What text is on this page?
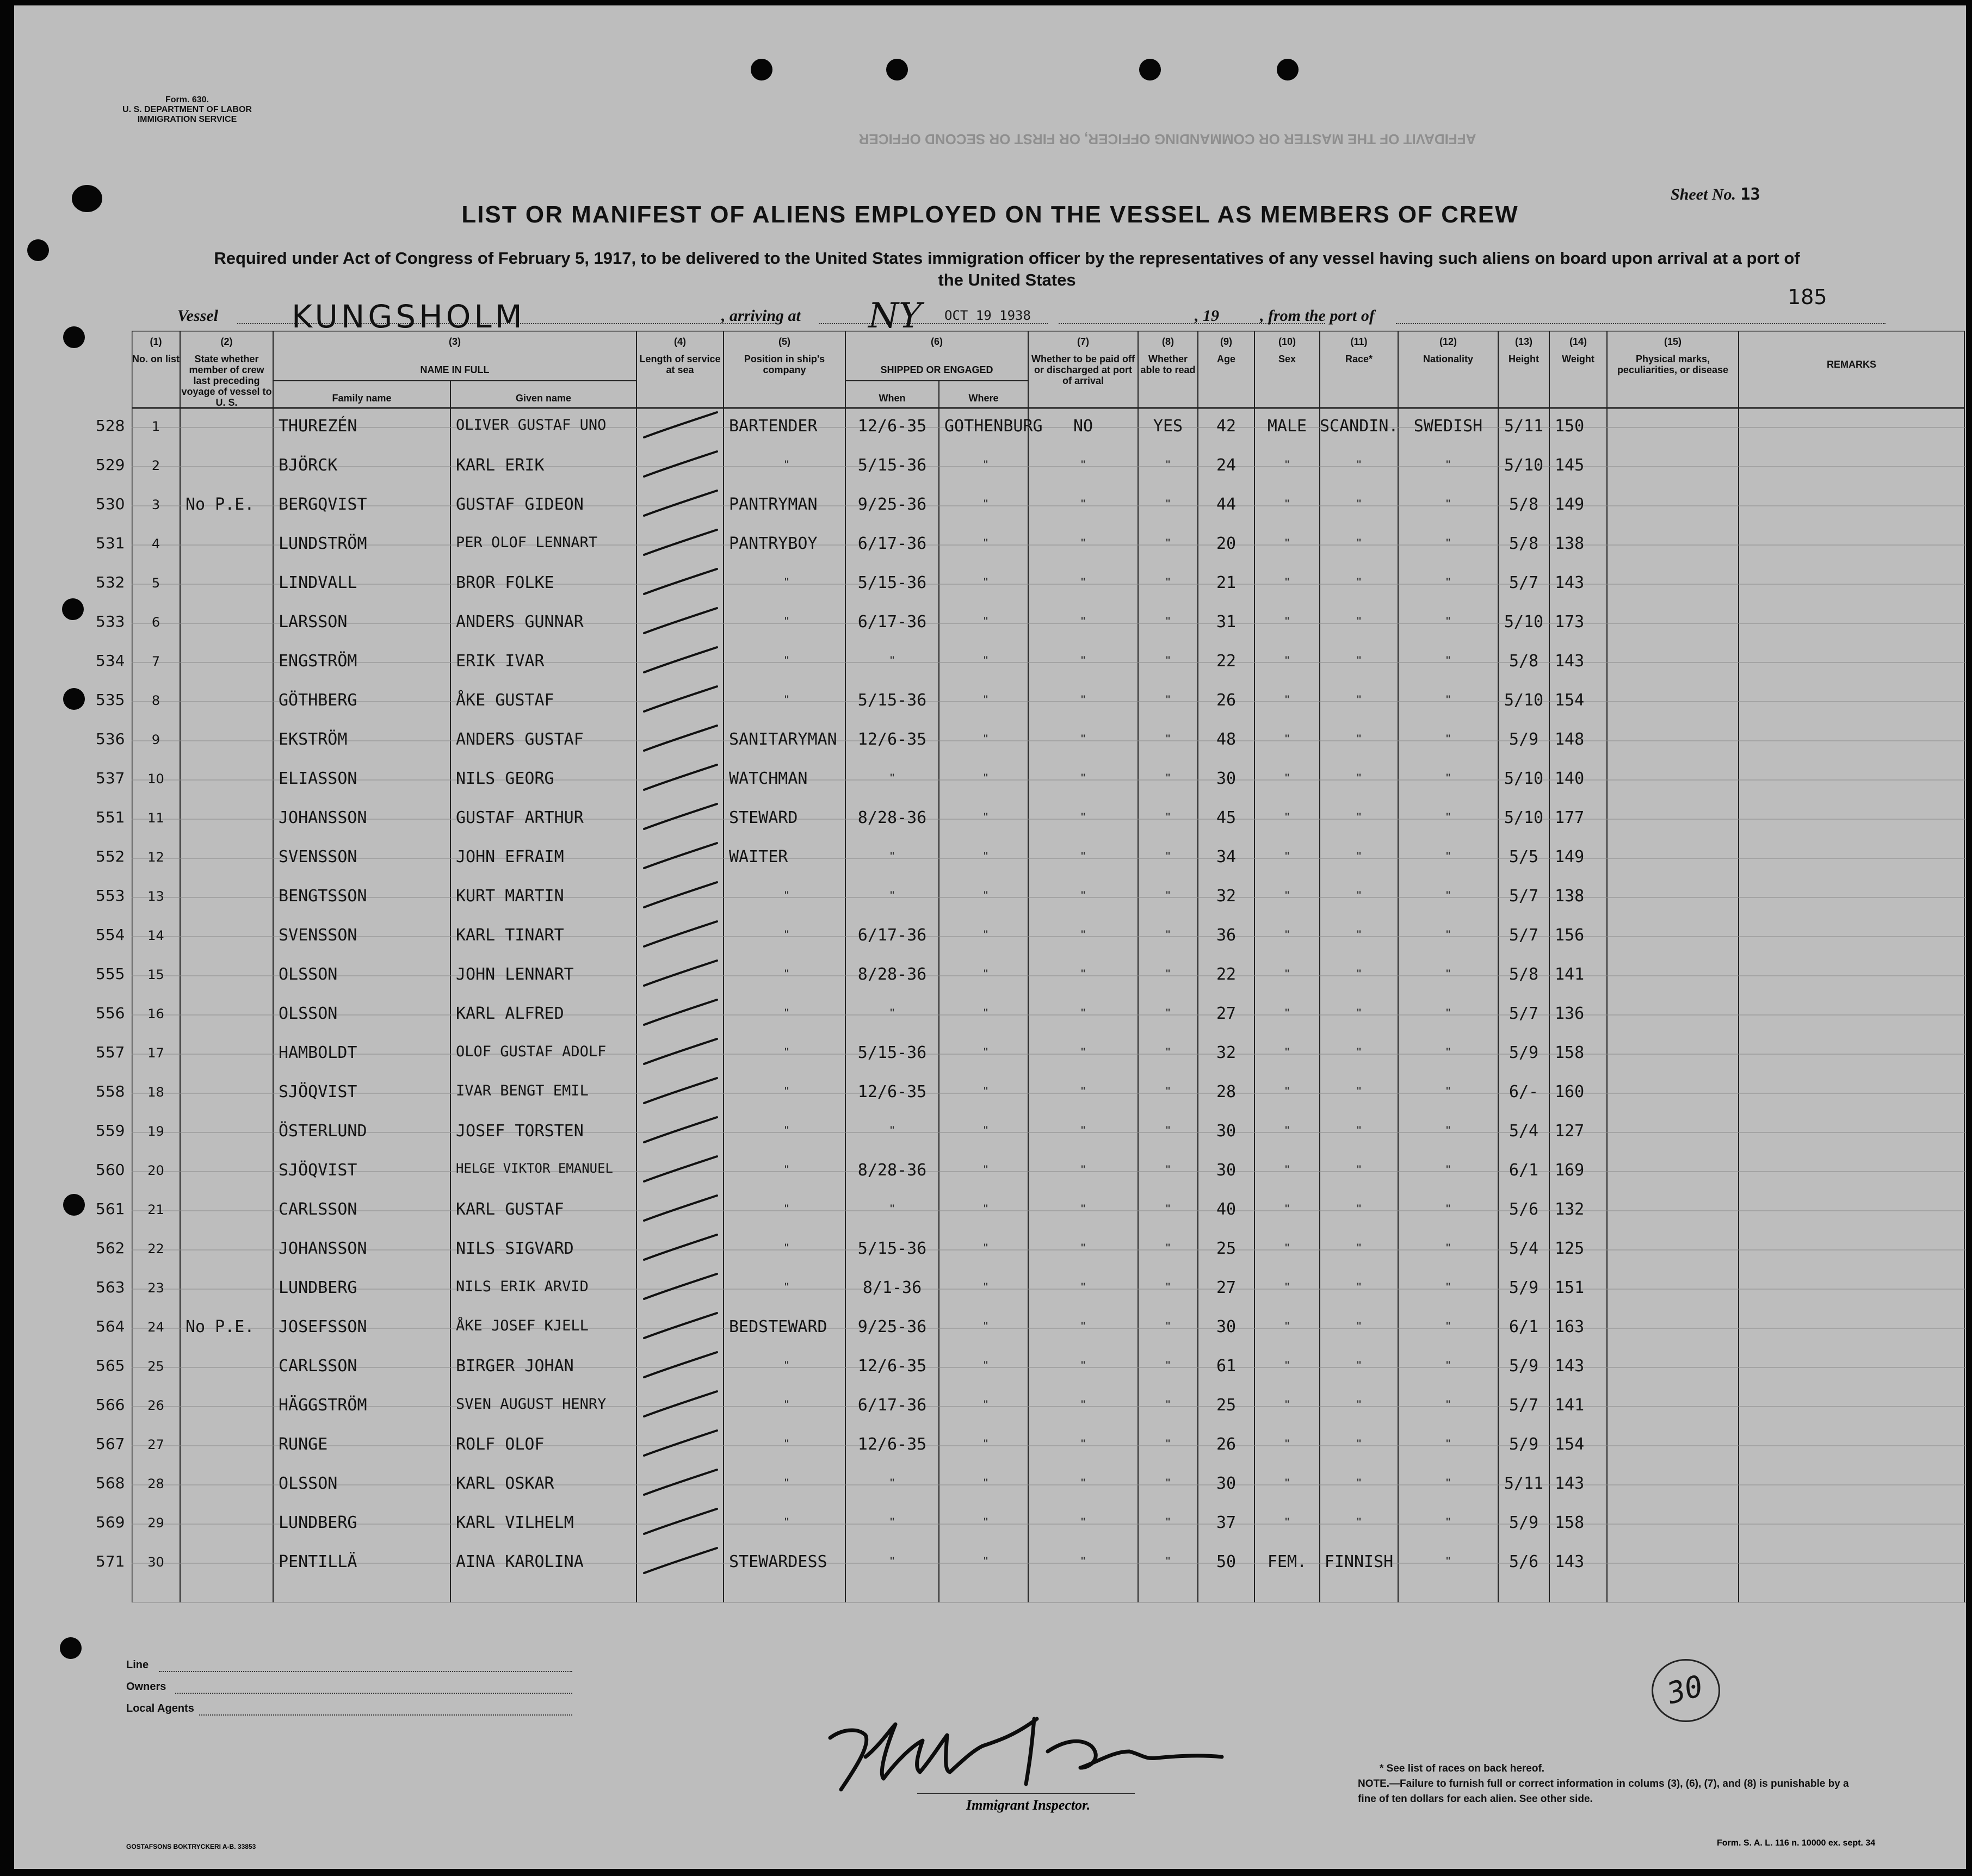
Form. 630.
U. S. DEPARTMENT OF LABOR
IMMIGRATION SERVICE
AFFIDAVIT OF THE MASTER OR COMMANDING OFFICER, OR FIRST OR SECOND OFFICER
Sheet No. 13
LIST OR MANIFEST OF ALIENS EMPLOYED ON THE VESSEL AS MEMBERS OF CREW
Required under Act of Congress of February 5, 1917, to be delivered to the United States immigration officer by the representatives of any vessel having such aliens on board upon arrival at a port of the United States
Vessel KUNGSHOLM	, arriving at NY OCT 19 1938	, 19	, from the port of
185
(1)
No. on list
(2)
State whether member of crew last preceding voyage of vessel to U. S.
(3)
NAME IN FULL
(4)
Length of service at sea
(5)
Position in ship's company
(6)
SHIPPED OR ENGAGED
(7)
Whether to be paid off or discharged at port of arrival
(8)
Whether able to read
(9)
Age
(10)
Sex
(11)
Race*
(12)
Nationality
(13)
Height
(14)
Weight
(15)
Physical marks, peculiarities, or disease	REMARKS
Family name	Given name	When	Where
528	1	THUREZÉN	OLIVER GUSTAF UNO	BARTENDER	12/6-35	GOTHENBURG	NO	YES	42	MALE SCANDIN. SWEDISH	5/11 150
529	2	BJÖRCK	KARL ERIK	"	5/15-36	"	"	"	24	"	"	"	5/10 145
530	3	No P.E.	BERGQVIST	GUSTAF GIDEON	PANTRYMAN	9/25-36	"	"	"	44	"	"	"	5/8 149
531	4	LUNDSTRÖM	PER OLOF LENNART	PANTRYBOY	6/17-36	"	"	"	20	"	"	"	5/8 138
532	5	LINDVALL	BROR FOLKE	"	5/15-36	"	"	"	21	"	"	"	5/7 143
533	6	LARSSON	ANDERS GUNNAR	"	6/17-36	"	"	"	31	"	"	"	5/10 173
534	7	ENGSTRÖM	ERIK IVAR	"	"	"	"	"	22	"	"	"	5/8 143
535	8	GÖTHBERG	ÅKE GUSTAF	"	5/15-36	"	"	"	26	"	"	"	5/10 154
536	9	EKSTRÖM	ANDERS GUSTAF	SANITARYMAN	12/6-35	"	"	"	48	"	"	"	5/9 148
537	10	ELIASSON	NILS GEORG	WATCHMAN	"	"	"	"	30	"	"	"	5/10 140
551	11	JOHANSSON	GUSTAF ARTHUR	STEWARD	8/28-36	"	"	"	45	"	"	"	5/10 177
552	12	SVENSSON	JOHN EFRAIM	WAITER	"	"	"	"	34	"	"	"	5/5 149
553	13	BENGTSSON	KURT MARTIN	"	"	"	"	"	32	"	"	"	5/7 138
554	14	SVENSSON	KARL TINART	"	6/17-36	"	"	"	36	"	"	"	5/7 156
555	15	OLSSON	JOHN LENNART	"	8/28-36	"	"	"	22	"	"	"	5/8 141
556	16	OLSSON	KARL ALFRED	"	"	"	"	"	27	"	"	"	5/7 136
557	17	HAMBOLDT	OLOF GUSTAF ADOLF	"	5/15-36	"	"	"	32	"	"	"	5/9 158
558	18	SJÖQVIST	IVAR BENGT EMIL	"	12/6-35	"	"	"	28	"	"	"	6/- 160
559	19	ÖSTERLUND	JOSEF TORSTEN	"	"	"	"	"	30	"	"	"	5/4 127
560	20	SJÖQVIST	HELGE VIKTOR EMANUEL	"	8/28-36	"	"	"	30	"	"	"	6/1 169
561	21	CARLSSON	KARL GUSTAF	"	"	"	"	"	40	"	"	"	5/6 132
562	22	JOHANSSON	NILS SIGVARD	"	5/15-36	"	"	"	25	"	"	"	5/4 125
563	23	LUNDBERG	NILS ERIK ARVID	"	8/1-36	"	"	"	27	"	"	"	5/9 151
564	24	No P.E.	JOSEFSSON	ÅKE JOSEF KJELL	BEDSTEWARD	9/25-36	"	"	"	30	"	"	"	6/1 163
565	25	CARLSSON	BIRGER JOHAN	"	12/6-35	"	"	"	61	"	"	"	5/9 143
566	26	HÄGGSTRÖM	SVEN AUGUST HENRY	"	6/17-36	"	"	"	25	"	"	"	5/7 141
567	27	RUNGE	ROLF OLOF	"	12/6-35	"	"	"	26	"	"	"	5/9 154
568	28	OLSSON	KARL OSKAR	"	"	"	"	"	30	"	"	"	5/11 143
569	29	LUNDBERG	KARL VILHELM	"	"	"	"	"	37	"	"	"	5/9 158
571	30	PENTILLÄ	AINA KAROLINA	STEWARDESS	"	"	"	"	50	FEM.	FINNISH	"	5/6 143
Line
Owners
Local Agents	30
Immigrant Inspector.
* See list of races on back hereof.
NOTE.—Failure to furnish full or correct information in colums (3), (6), (7), and (8) is punishable by a fine of ten dollars for each alien. See other side.
Form. S. A. L. 116 n. 10000 ex. sept. 34
GOSTAFSONS BOKTRYCKERI A-B. 33853
